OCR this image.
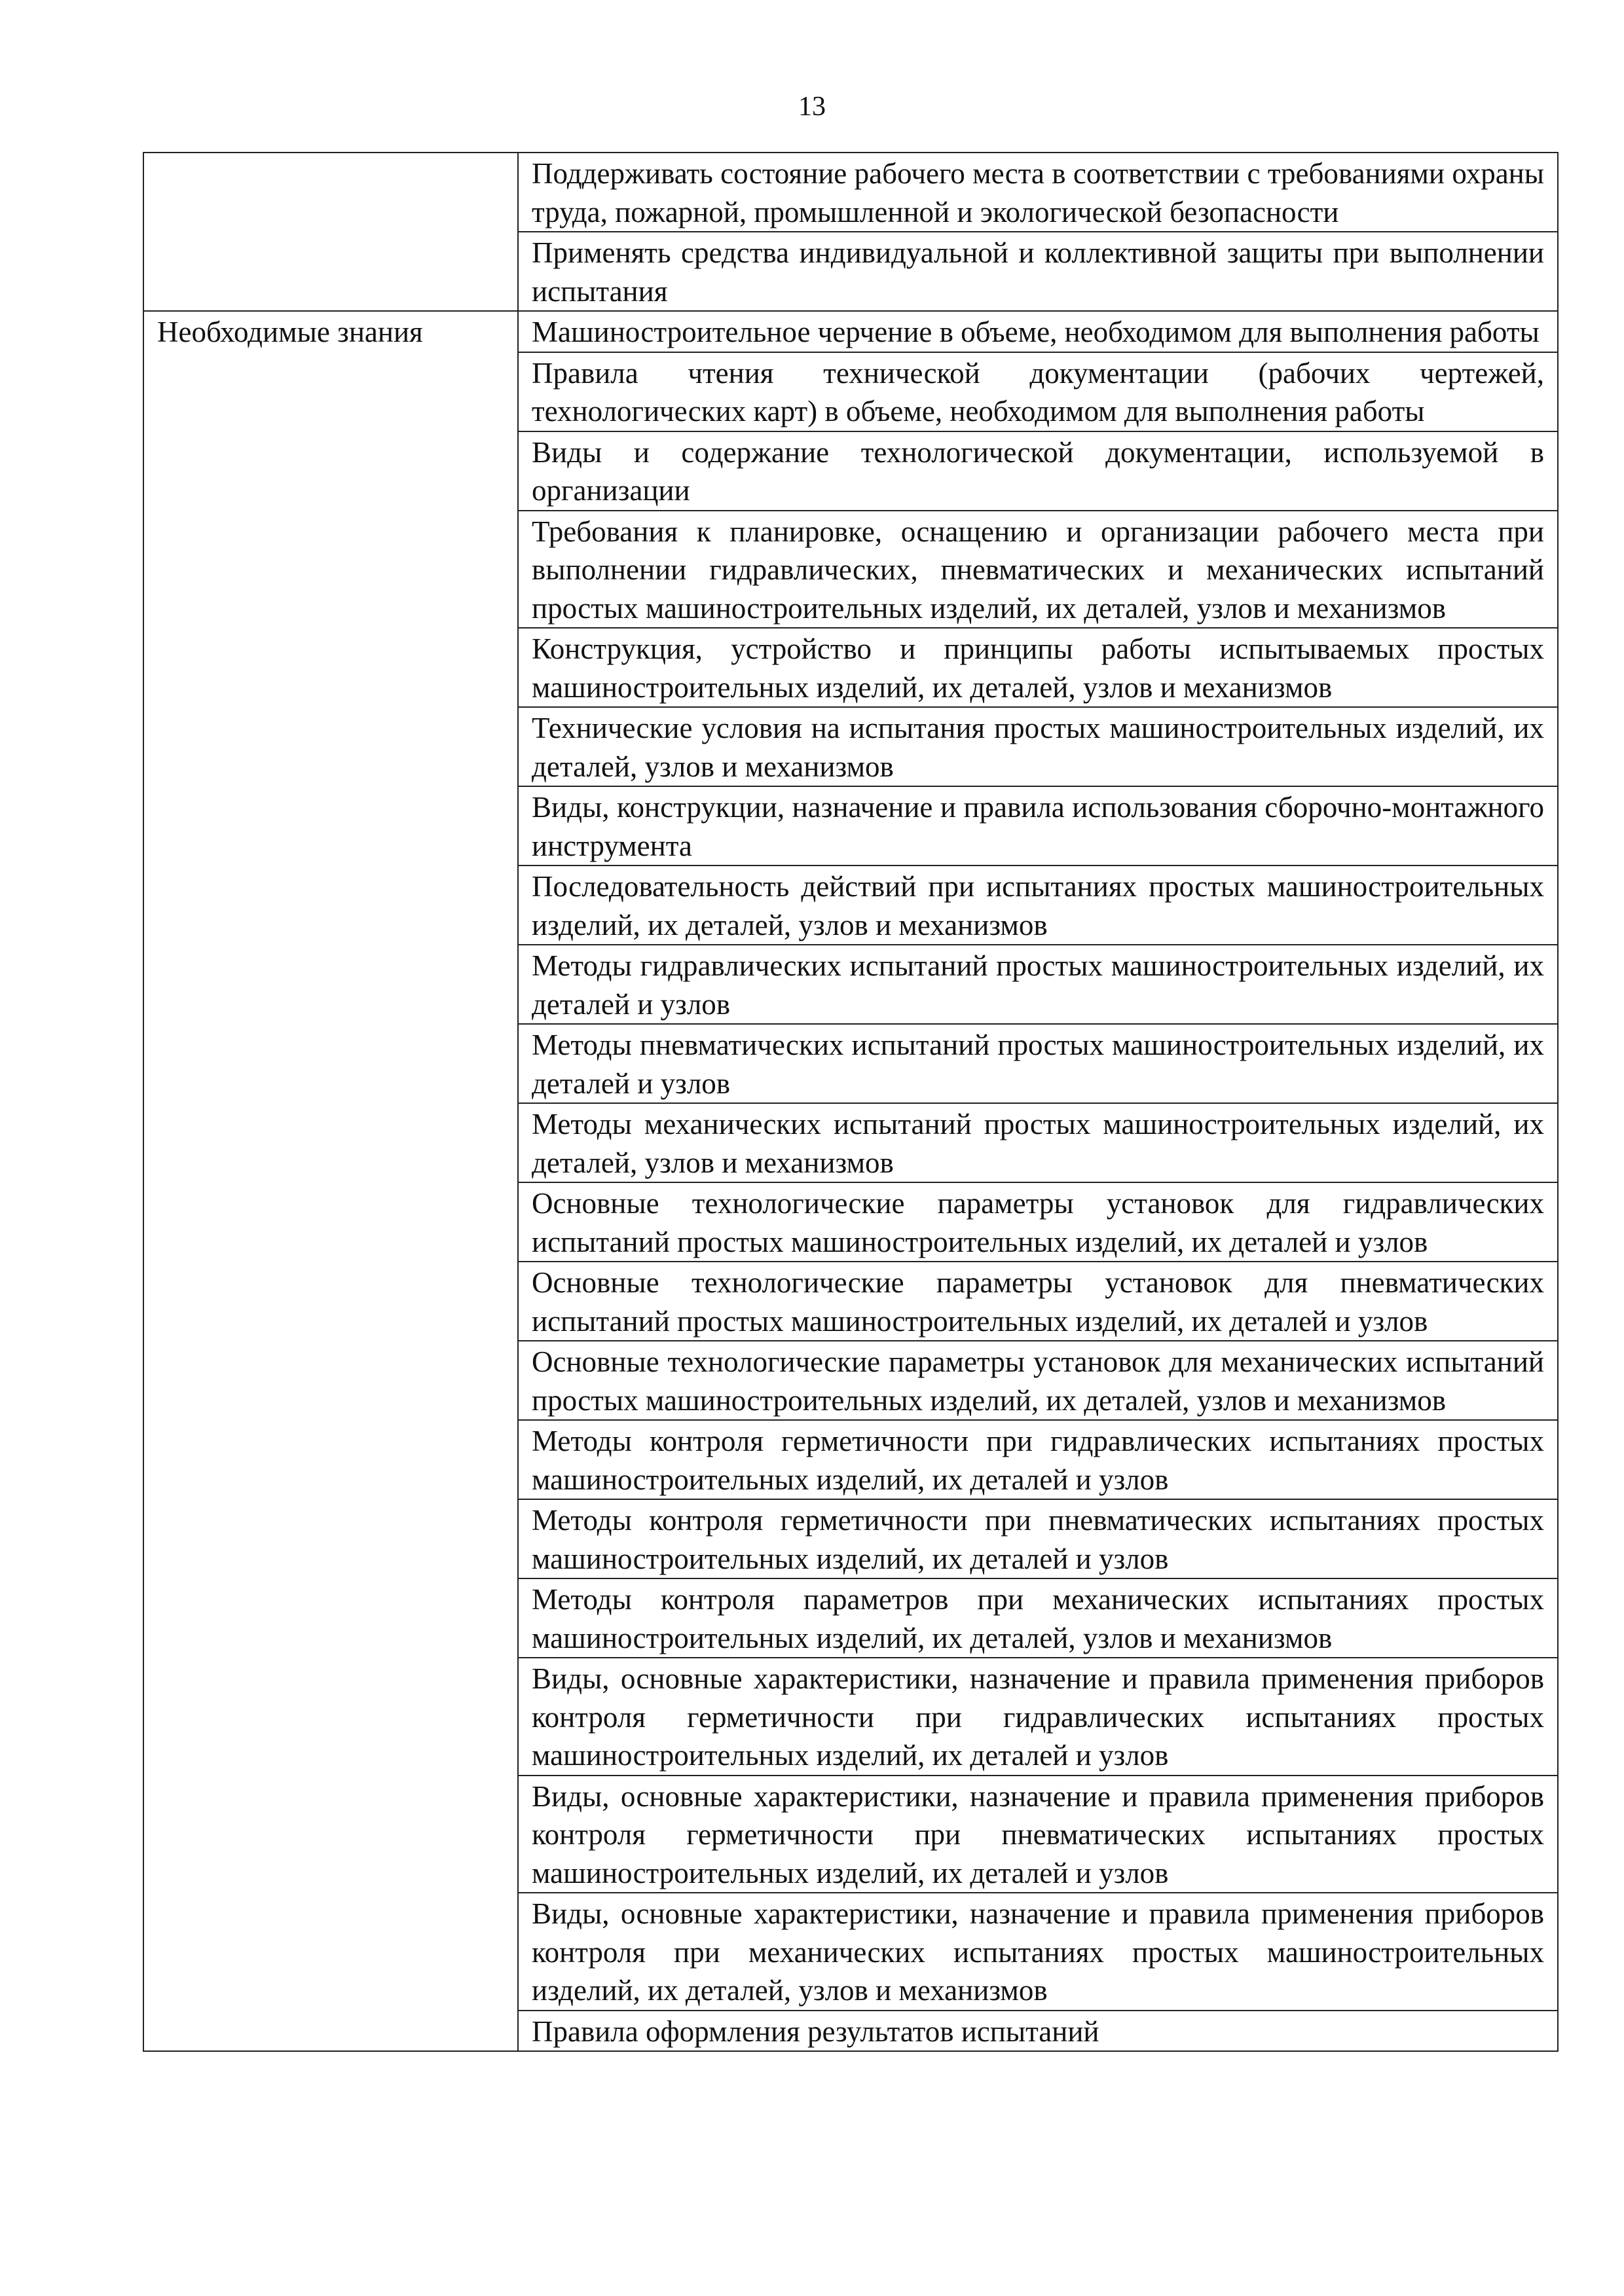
13
	Поддерживать состояние рабочего места в соответствии с требованиями охраны труда, пожарной, промышленной и экологической безопасности
	Применять средства индивидуальной и коллективной защиты при выполнении испытания
Необходимые знания	Машиностроительное черчение в объеме, необходимом для выполнения работы
	Правила чтения технической документации (рабочих чертежей, технологических карт) в объеме, необходимом для выполнения работы
	Виды и содержание технологической документации, используемой в организации
	Требования к планировке, оснащению и организации рабочего места при выполнении гидравлических, пневматических и механических испытаний простых машиностроительных изделий, их деталей, узлов и механизмов
	Конструкция, устройство и принципы работы испытываемых простых машиностроительных изделий, их деталей, узлов и механизмов
	Технические условия на испытания простых машиностроительных изделий, их деталей, узлов и механизмов
	Виды, конструкции, назначение и правила использования сборочно-монтажного инструмента
	Последовательность действий при испытаниях простых машиностроительных изделий, их деталей, узлов и механизмов
	Методы гидравлических испытаний простых машиностроительных изделий, их деталей и узлов
	Методы пневматических испытаний простых машиностроительных изделий, их деталей и узлов
	Методы механических испытаний простых машиностроительных изделий, их деталей, узлов и механизмов
	Основные технологические параметры установок для гидравлических испытаний простых машиностроительных изделий, их деталей и узлов
	Основные технологические параметры установок для пневматических испытаний простых машиностроительных изделий, их деталей и узлов
	Основные технологические параметры установок для механических испытаний простых машиностроительных изделий, их деталей, узлов и механизмов
	Методы контроля герметичности при гидравлических испытаниях простых машиностроительных изделий, их деталей и узлов
	Методы контроля герметичности при пневматических испытаниях простых машиностроительных изделий, их деталей и узлов
	Методы контроля параметров при механических испытаниях простых машиностроительных изделий, их деталей, узлов и механизмов
	Виды, основные характеристики, назначение и правила применения приборов контроля герметичности при гидравлических испытаниях простых машиностроительных изделий, их деталей и узлов
	Виды, основные характеристики, назначение и правила применения приборов контроля герметичности при пневматических испытаниях простых машиностроительных изделий, их деталей и узлов
	Виды, основные характеристики, назначение и правила применения приборов контроля при механических испытаниях простых машиностроительных изделий, их деталей, узлов и механизмов
	Правила оформления результатов испытаний
